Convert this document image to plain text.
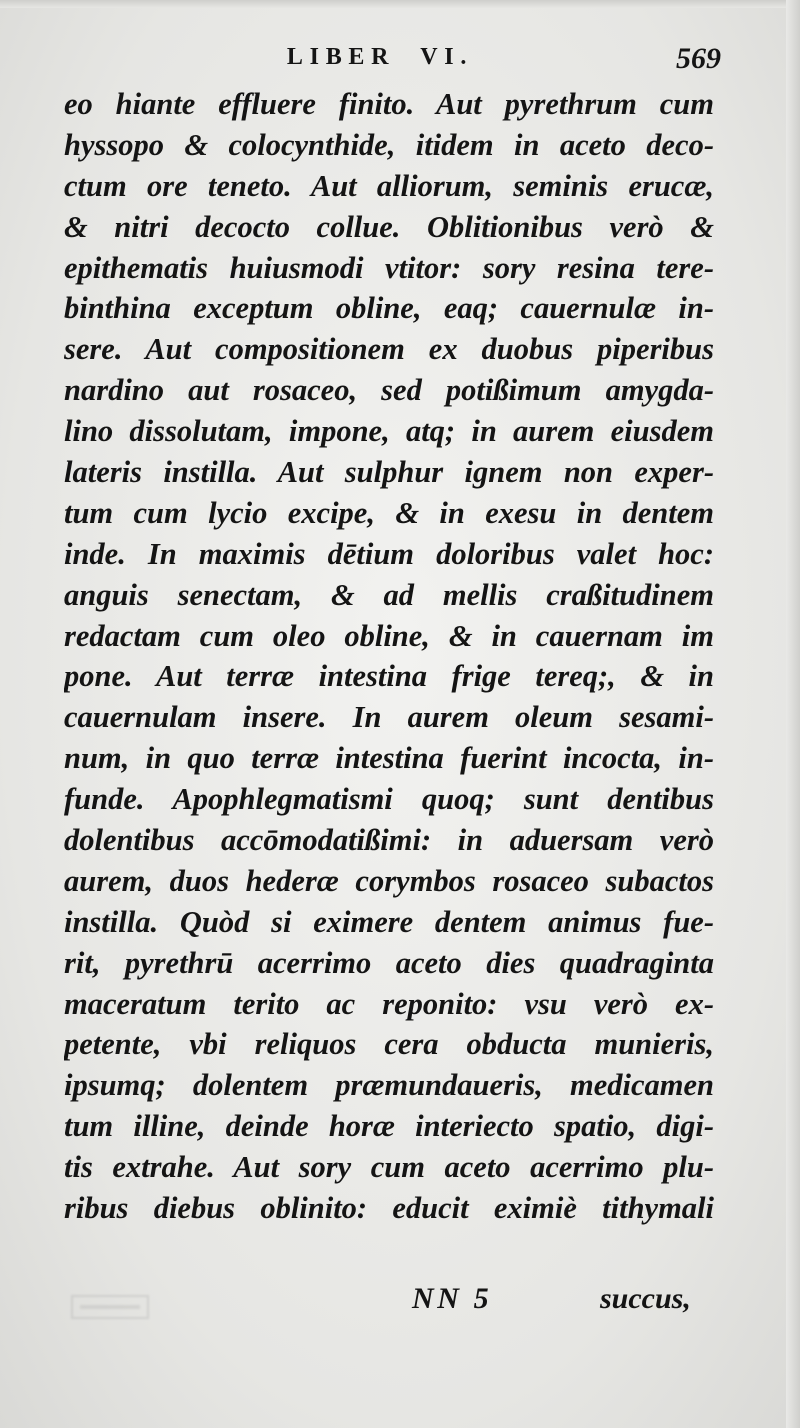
LIBER  VI.	569
eo hiante effluere finito. Aut pyrethrum cum
hyssopo & colocynthide, itidem in aceto deco-
ctum ore teneto. Aut alliorum, seminis erucæ,
& nitri decocto collue. Oblitionibus verò &
epithematis huiusmodi vtitor: sory resina tere-
binthina exceptum obline, eaq; cauernulæ in-
sere. Aut compositionem ex duobus piperibus
nardino aut rosaceo, sed potißimum amygda-
lino dissolutam, impone, atq; in aurem eiusdem
lateris instilla. Aut sulphur ignem non exper-
tum cum lycio excipe, & in exesu in dentem
inde. In maximis dētium doloribus valet hoc:
anguis senectam, & ad mellis craßitudinem
redactam cum oleo obline, & in cauernam im
pone. Aut terræ intestina frige tereq;, & in
cauernulam insere. In aurem oleum sesami-
num, in quo terræ intestina fuerint incocta, in-
funde. Apophlegmatismi quoq; sunt dentibus
dolentibus accōmodatißimi: in aduersam verò
aurem, duos hederæ corymbos rosaceo subactos
instilla. Quòd si eximere dentem animus fue-
rit, pyrethrū acerrimo aceto dies quadraginta
maceratum terito ac reponito: vsu verò ex-
petente, vbi reliquos cera obducta munieris,
ipsumq; dolentem præmundaueris, medicamen
tum illine, deinde horæ interiecto spatio, digi-
tis extrahe. Aut sory cum aceto acerrimo plu-
ribus diebus oblinito: educit eximiè tithymali
NN 5	succus,
